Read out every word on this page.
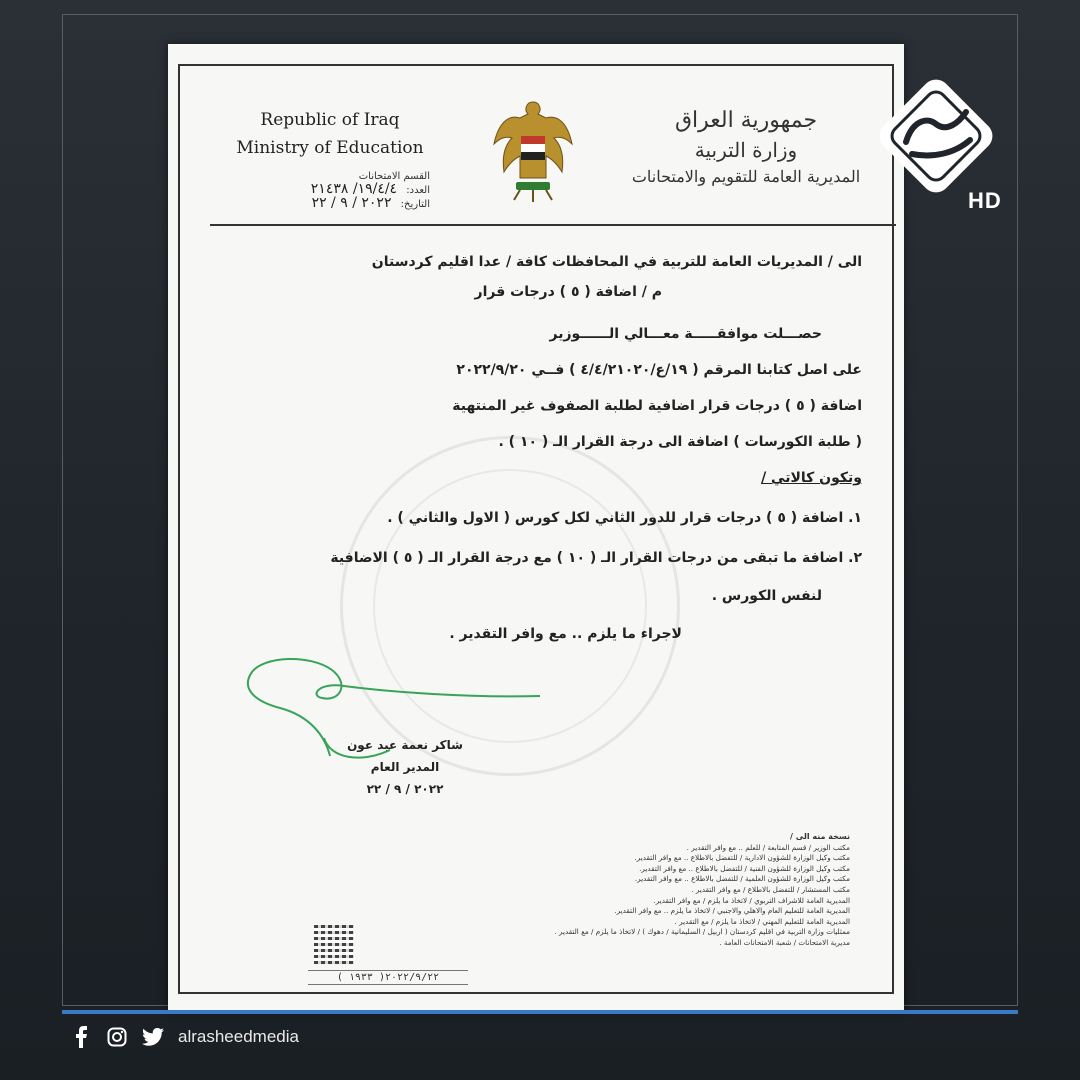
Republic of Iraq
Ministry of Education
القسم الامتحانات
العدد: ١٩/٤/٤/ ٢١٤٣٨
التاريخ: ٢٠٢٢ / ٩ / ٢٢
جمهورية العراق
وزارة التربية
المديرية العامة للتقويم والامتحانات
الى / المديريات العامة للتربية في المحافظات كافة / عدا اقليم كردستان
م / اضافة ( ٥ ) درجات قرار
حصـــلت موافقـــــة معـــالي الــــــوزير
على اصل كتابنا المرقم ( ١٩/ع/٤/٤/٢١٠٢٠ ) فــي ٢٠٢٢/٩/٢٠
اضافة ( ٥ ) درجات قرار اضافية لطلبة الصفوف غير المنتهية
( طلبة الكورسات ) اضافة الى درجة القرار الـ ( ١٠ ) .
وتكون كالاتي /
١. اضافة ( ٥ ) درجات قرار للدور الثاني لكل كورس ( الاول والثاني ) .
٢. اضافة ما تبقى من درجات القرار الـ ( ١٠ ) مع درجة القرار الـ ( ٥ ) الاضافية
لنفس الكورس .
لاجراء ما يلزم .. مع وافر التقدير .
شاكر نعمة عبد عون
المدير العام
٢٠٢٢ / ٩ / ٢٢
نسخة منه الى /
مكتب الوزير / قسم المتابعة / للعلم .. مع وافر التقدير .
مكتب وكيل الوزارة للشؤون الادارية / للتفضل بالاطلاع .. مع وافر التقدير.
مكتب وكيل الوزارة للشؤون الفنية / للتفضل بالاطلاع .. مع وافر التقدير.
مكتب وكيل الوزارة للشؤون العلمية / للتفضل بالاطلاع .. مع وافر التقدير.
مكتب المستشار / للتفضل بالاطلاع / مع وافر التقدير .
المديرية العامة للاشراف التربوي / لاتخاذ ما يلزم / مع وافر التقدير.
المديرية العامة للتعليم العام والاهلي والاجنبي / لاتخاذ ما يلزم .. مع وافر التقدير.
المديرية العامة للتعليم المهني / لاتخاذ ما يلزم / مع التقدير .
ممثليات وزارة التربية في اقليم كردستان ( اربيل / السليمانية / دهوك ) / لاتخاذ ما يلزم / مع التقدير .
مديرية الامتحانات / شعبة الامتحانات العامة .
( ١٩٣٣ )٢٠٢٢/٩/٢٢
HD
alrasheedmedia
